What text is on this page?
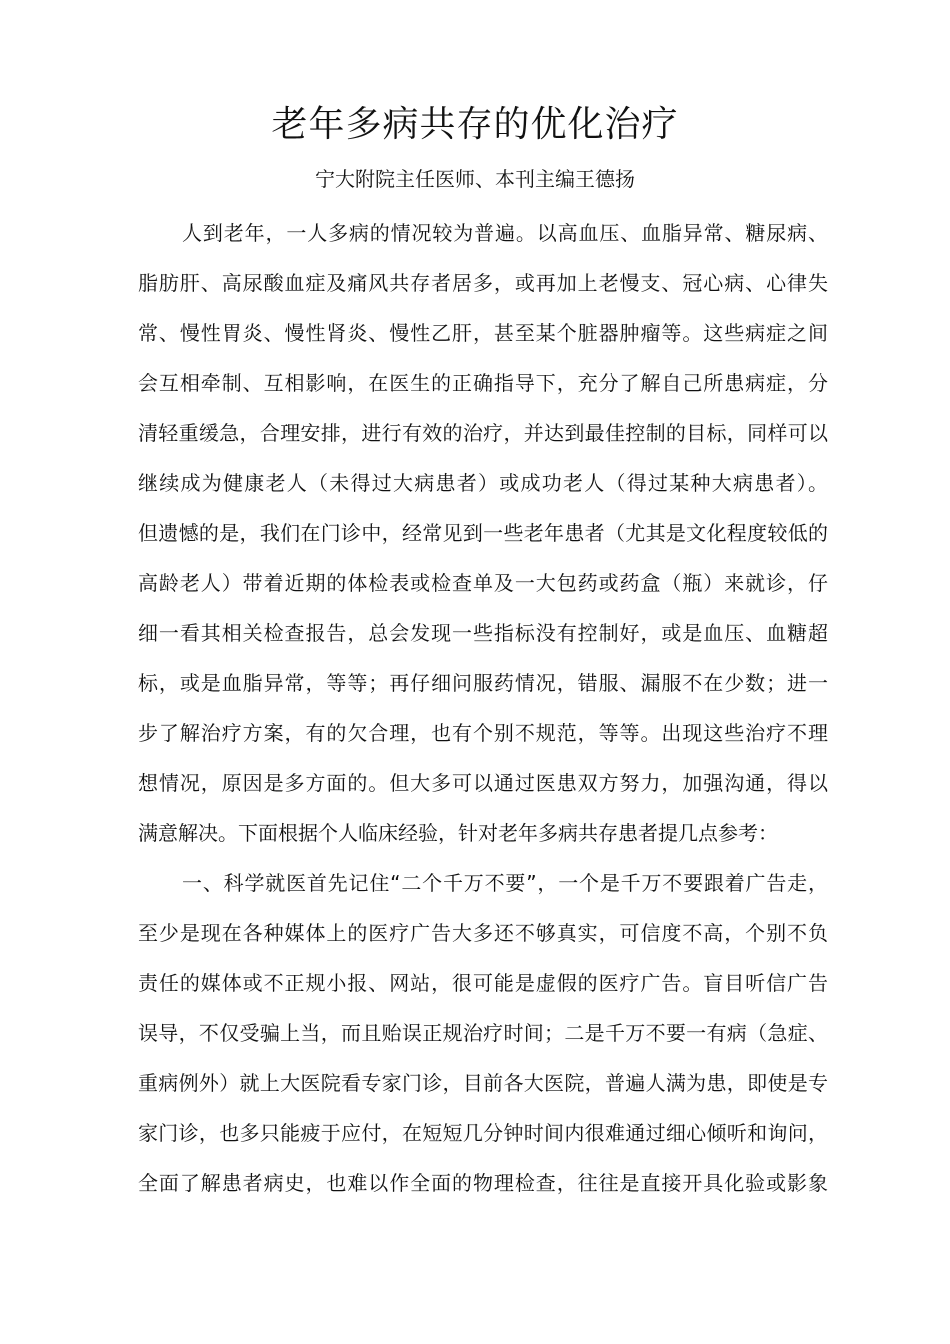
老年多病共存的优化治疗
宁大附院主任医师、本刊主编王德扬
人到老年，一人多病的情况较为普遍。以高血压、血脂异常、糖尿病、
脂肪肝、高尿酸血症及痛风共存者居多，或再加上老慢支、冠心病、心律失
常、慢性胃炎、慢性肾炎、慢性乙肝，甚至某个脏器肿瘤等。这些病症之间
会互相牵制、互相影响，在医生的正确指导下，充分了解自己所患病症，分
清轻重缓急，合理安排，进行有效的治疗，并达到最佳控制的目标，同样可以
继续成为健康老人（未得过大病患者）或成功老人（得过某种大病患者）。
但遗憾的是，我们在门诊中，经常见到一些老年患者（尤其是文化程度较低的
高龄老人）带着近期的体检表或检查单及一大包药或药盒（瓶）来就诊，仔
细一看其相关检查报告，总会发现一些指标没有控制好，或是血压、血糖超
标，或是血脂异常，等等；再仔细问服药情况，错服、漏服不在少数；进一
步了解治疗方案，有的欠合理，也有个别不规范，等等。出现这些治疗不理
想情况，原因是多方面的。但大多可以通过医患双方努力，加强沟通，得以
满意解决。下面根据个人临床经验，针对老年多病共存患者提几点参考：
一、科学就医首先记住“二个千万不要”，一个是千万不要跟着广告走，
至少是现在各种媒体上的医疗广告大多还不够真实，可信度不高，个别不负
责任的媒体或不正规小报、网站，很可能是虚假的医疗广告。盲目听信广告
误导，不仅受骗上当，而且贻误正规治疗时间；二是千万不要一有病（急症、
重病例外）就上大医院看专家门诊，目前各大医院，普遍人满为患，即使是专
家门诊，也多只能疲于应付，在短短几分钟时间内很难通过细心倾听和询问，
全面了解患者病史，也难以作全面的物理检查，往往是直接开具化验或影象
